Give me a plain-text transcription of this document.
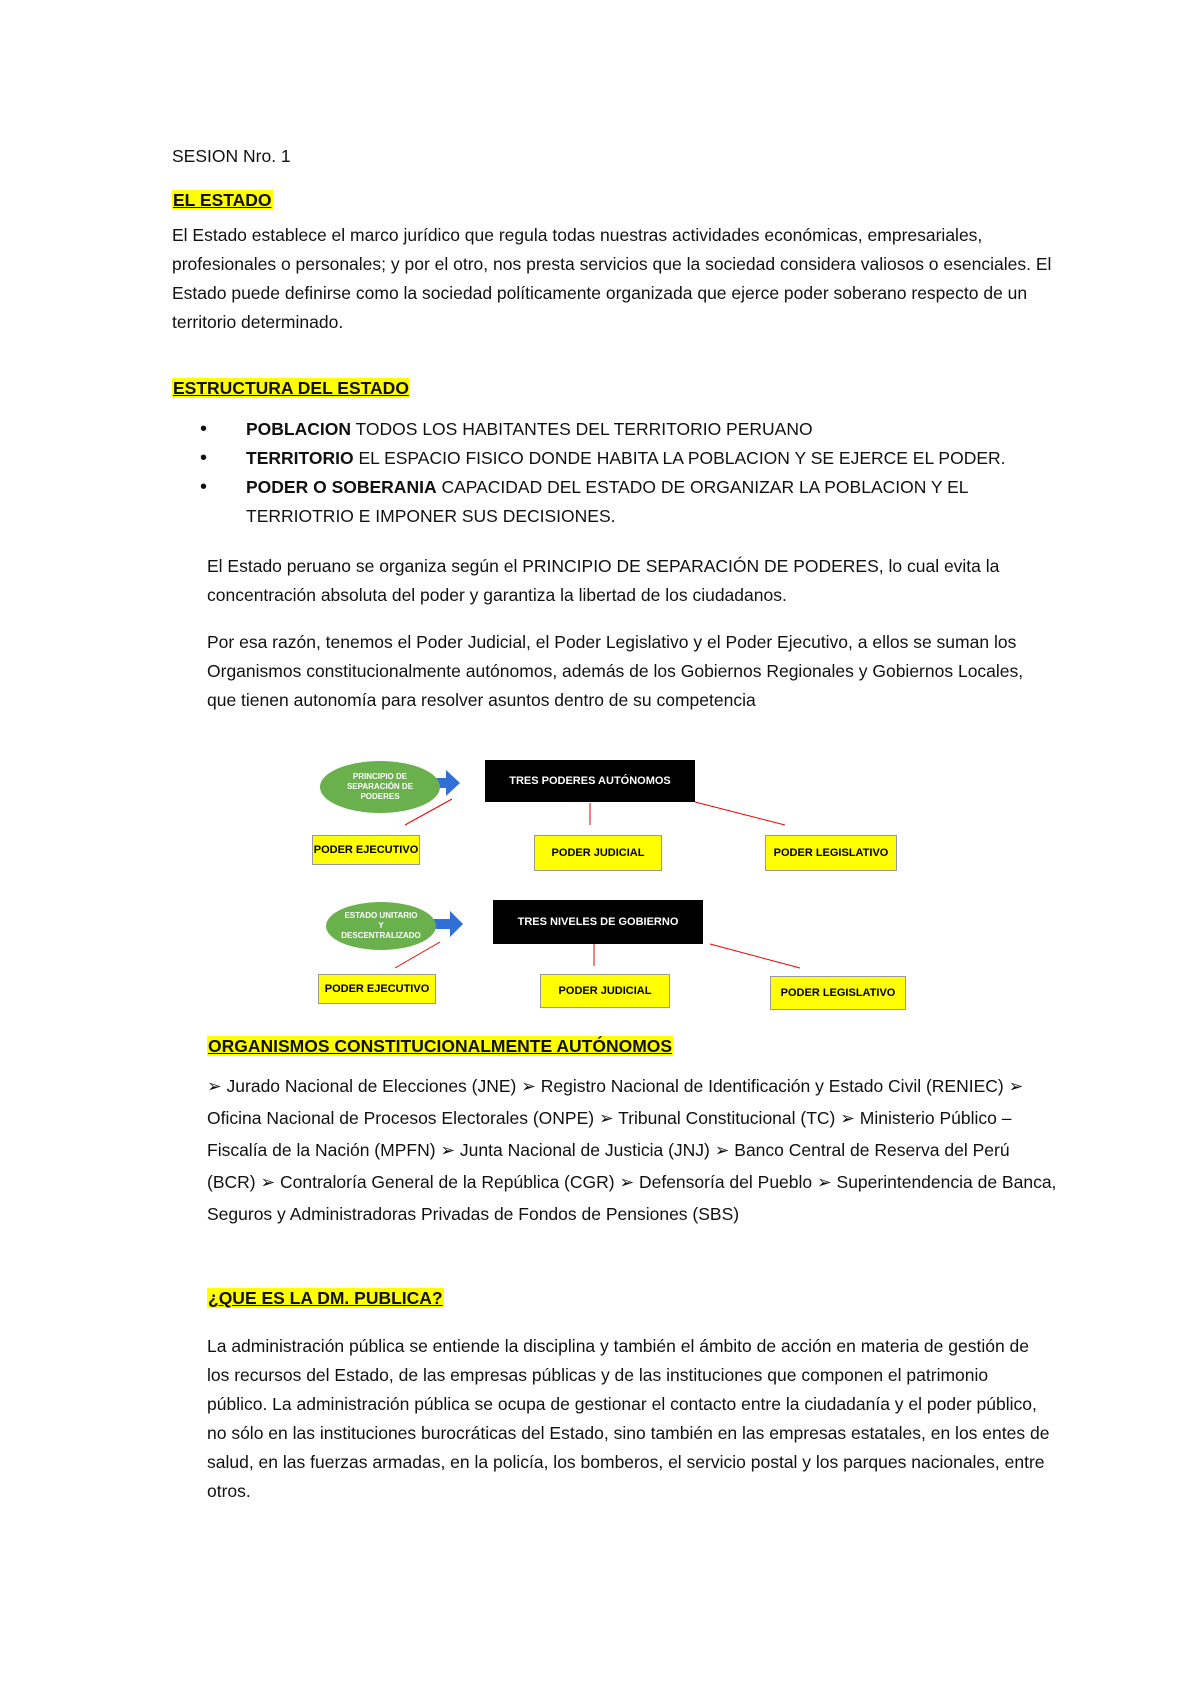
SESION Nro. 1

EL ESTADO

El Estado establece el marco jurídico que regula todas nuestras actividades económicas, empresariales, profesionales o personales; y por el otro, nos presta servicios que la sociedad considera valiosos o esenciales. El Estado puede definirse como la sociedad políticamente organizada que ejerce poder soberano respecto de un territorio determinado.

ESTRUCTURA DEL ESTADO

• POBLACION TODOS LOS HABITANTES DEL TERRITORIO PERUANO
• TERRITORIO EL ESPACIO FISICO DONDE HABITA LA POBLACION Y SE EJERCE EL PODER.
• PODER O SOBERANIA CAPACIDAD DEL ESTADO DE ORGANIZAR LA POBLACION Y EL TERRIOTRIO E IMPONER SUS DECISIONES.

El Estado peruano se organiza según el PRINCIPIO DE SEPARACIÓN DE PODERES, lo cual evita la concentración absoluta del poder y garantiza la libertad de los ciudadanos.

Por esa razón, tenemos el Poder Judicial, el Poder Legislativo y el Poder Ejecutivo, a ellos se suman los Organismos constitucionalmente autónomos, además de los Gobiernos Regionales y Gobiernos Locales, que tienen autonomía para resolver asuntos dentro de su competencia

PRINCIPIO DE SEPARACIÓN DE PODERES
TRES PODERES AUTÓNOMOS
PODER EJECUTIVO	PODER JUDICIAL	PODER LEGISLATIVO
ESTADO UNITARIO Y DESCENTRALIZADO
TRES NIVELES DE GOBIERNO
PODER EJECUTIVO	PODER JUDICIAL	PODER LEGISLATIVO

ORGANISMOS CONSTITUCIONALMENTE AUTÓNOMOS

➢ Jurado Nacional de Elecciones (JNE) ➢ Registro Nacional de Identificación y Estado Civil (RENIEC) ➢ Oficina Nacional de Procesos Electorales (ONPE) ➢ Tribunal Constitucional (TC) ➢ Ministerio Público – Fiscalía de la Nación (MPFN) ➢ Junta Nacional de Justicia (JNJ) ➢ Banco Central de Reserva del Perú (BCR) ➢ Contraloría General de la República (CGR) ➢ Defensoría del Pueblo ➢ Superintendencia de Banca, Seguros y Administradoras Privadas de Fondos de Pensiones (SBS)

¿QUE ES LA DM. PUBLICA?

La administración pública se entiende la disciplina y también el ámbito de acción en materia de gestión de los recursos del Estado, de las empresas públicas y de las instituciones que componen el patrimonio público. La administración pública se ocupa de gestionar el contacto entre la ciudadanía y el poder público, no sólo en las instituciones burocráticas del Estado, sino también en las empresas estatales, en los entes de salud, en las fuerzas armadas, en la policía, los bomberos, el servicio postal y los parques nacionales, entre otros.
